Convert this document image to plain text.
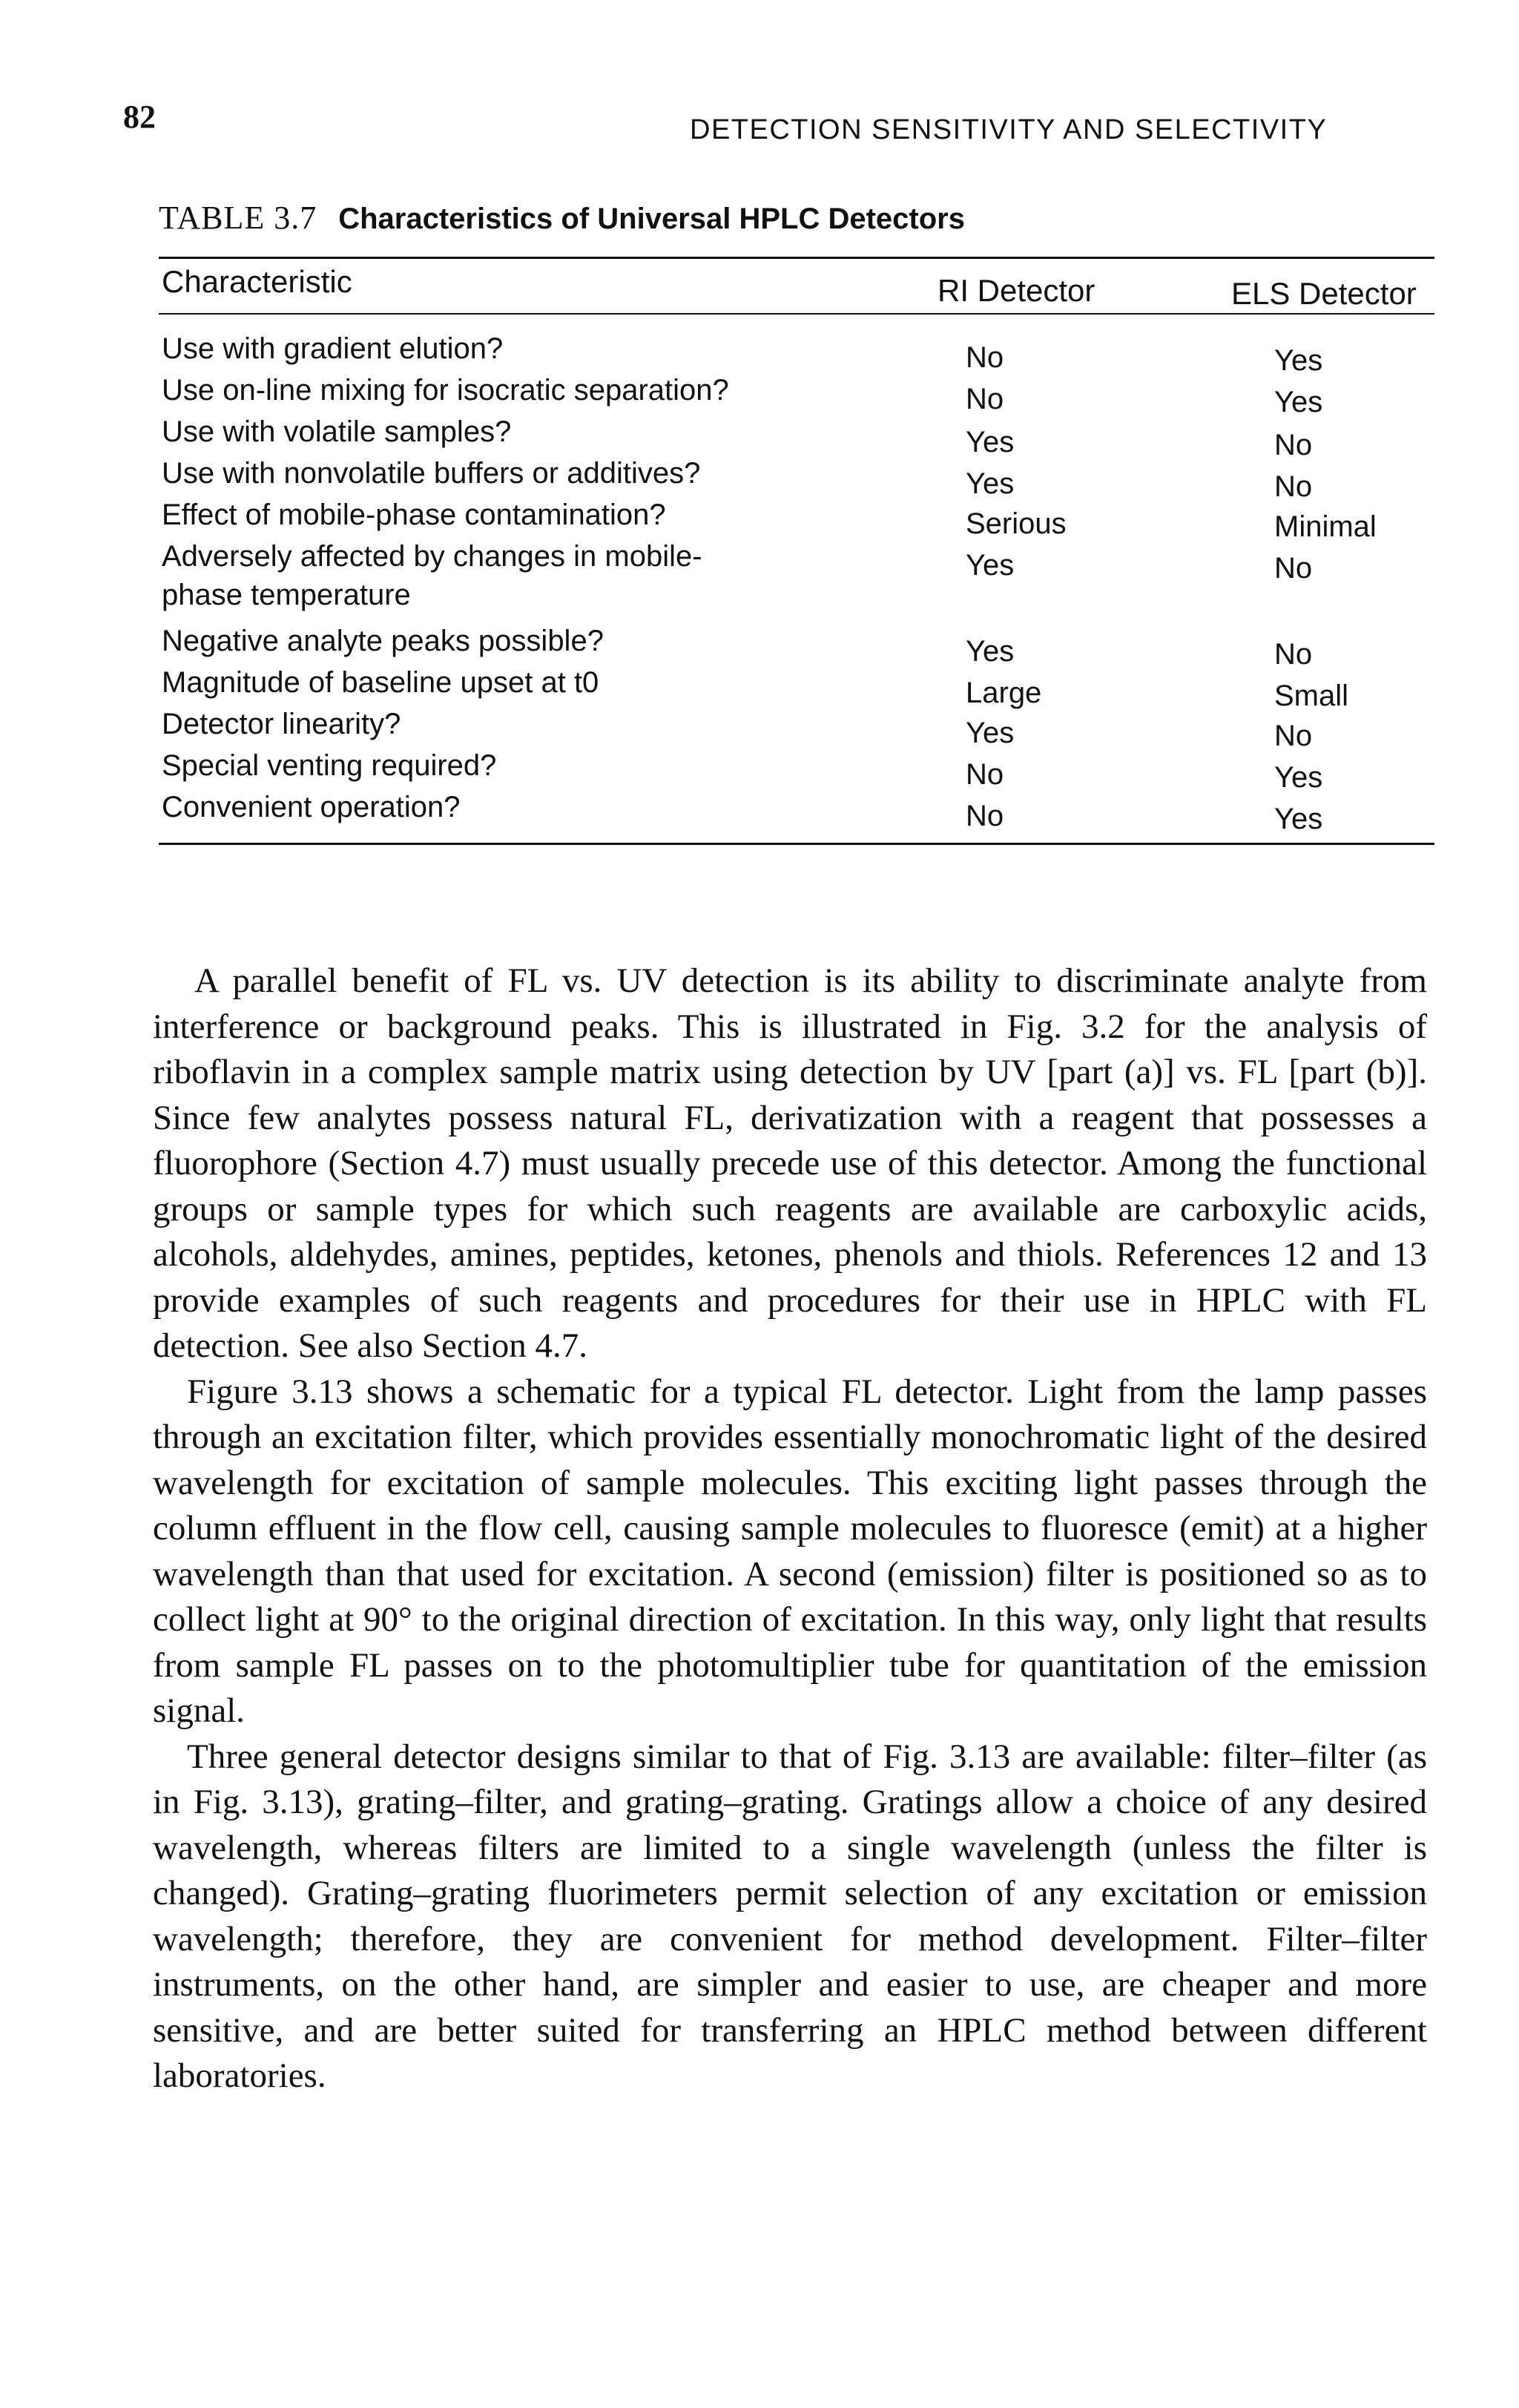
82	DETECTION SENSITIVITY AND SELECTIVITY
TABLE 3.7 Characteristics of Universal HPLC Detectors
Characteristic	RI Detector	ELS Detector
Use with gradient elution?	No	Yes
Use on-line mixing for isocratic separation?	No	Yes
Use with volatile samples?	Yes	No
Use with nonvolatile buffers or additives?	Yes	No
Effect of mobile-phase contamination?	Serious	Minimal
Adversely affected by changes in mobile-
phase temperature
Yes	No
Negative analyte peaks possible?	Yes	No
Magnitude of baseline upset at t0	Large	Small
Detector linearity?	Yes	No
Special venting required?	No	Yes
Convenient operation?	No	Yes

A parallel benefit of FL vs. UV detection is its ability to discriminate analyte from interference or background peaks. This is illustrated in Fig. 3.2 for the analysis of riboflavin in a complex sample matrix using detection by UV [part (a)] vs. FL [part (b)]. Since few analytes possess natural FL, derivatization with a reagent that possesses a fluorophore (Section 4.7) must usually precede use of this detector. Among the functional groups or sample types for which such reagents are available are carboxylic acids, alcohols, aldehydes, amines, peptides, ketones, phenols and thiols. References 12 and 13 provide examples of such reagents and procedures for their use in HPLC with FL detection. See also Section 4.7.

Figure 3.13 shows a schematic for a typical FL detector. Light from the lamp passes through an excitation filter, which provides essentially monochromatic light of the desired wavelength for excitation of sample molecules. This exciting light passes through the column effluent in the flow cell, causing sample molecules to fluoresce (emit) at a higher wavelength than that used for excitation. A second (emission) filter is positioned so as to collect light at 90° to the original direction of excitation. In this way, only light that results from sample FL passes on to the photomultiplier tube for quantitation of the emission signal.

Three general detector designs similar to that of Fig. 3.13 are available: filter–filter (as in Fig. 3.13), grating–filter, and grating–grating. Gratings allow a choice of any desired wavelength, whereas filters are limited to a single wavelength (unless the filter is changed). Grating–grating fluorimeters permit selection of any excitation or emission wavelength; therefore, they are convenient for method development. Filter–filter instruments, on the other hand, are simpler and easier to use, are cheaper and more sensitive, and are better suited for transferring an HPLC method between different laboratories.
